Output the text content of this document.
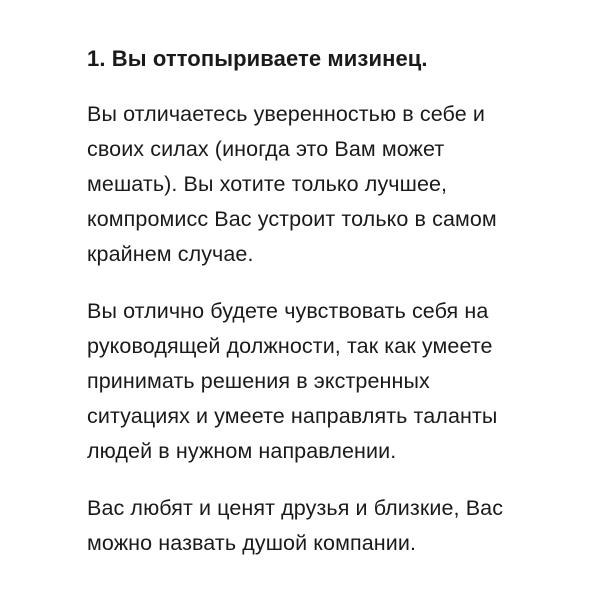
1. Вы оттопыриваете мизинец.
Вы отличаетесь уверенностью в себе и
своих силах (иногда это Вам может
мешать). Вы хотите только лучшее,
компромисс Вас устроит только в самом
крайнем случае.
Вы отлично будете чувствовать себя на
руководящей должности, так как умеете
принимать решения в экстренных
ситуациях и умеете направлять таланты
людей в нужном направлении.
Вас любят и ценят друзья и близкие, Вас
можно назвать душой компании.
